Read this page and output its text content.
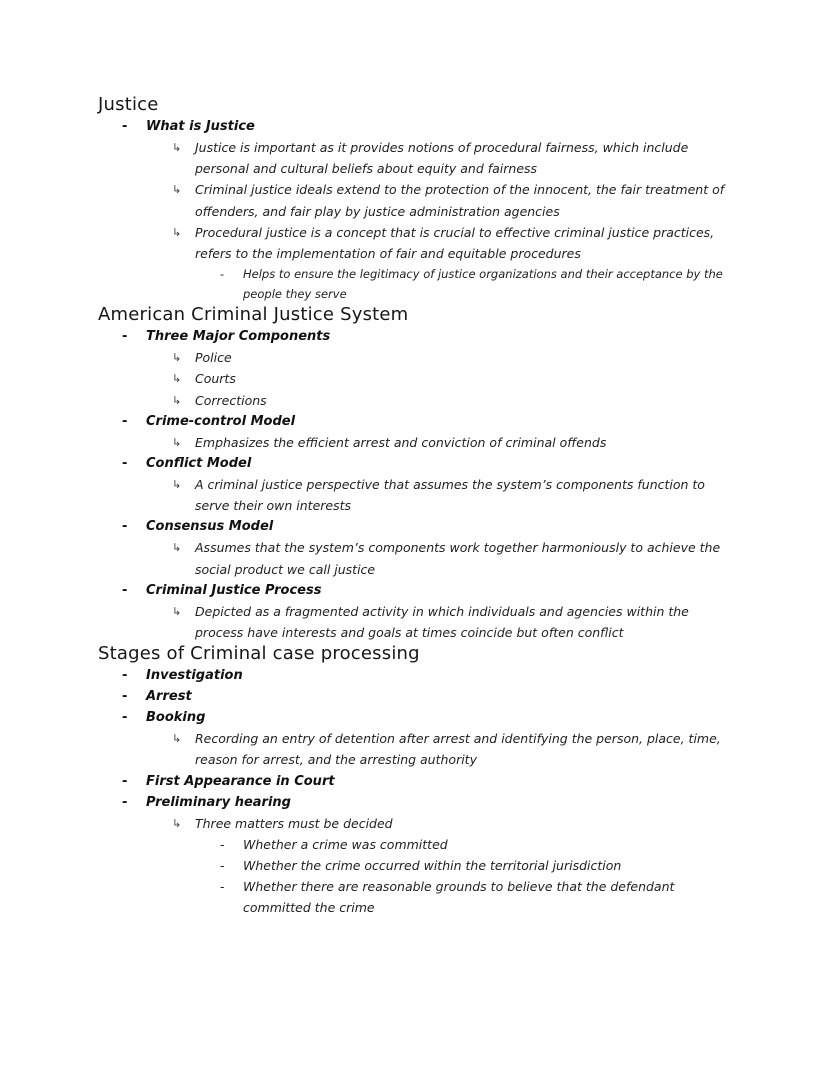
Justice
- What is Justice
↳ Justice is important as it provides notions of procedural fairness, which include personal and cultural beliefs about equity and fairness
↳ Criminal justice ideals extend to the protection of the innocent, the fair treatment of offenders, and fair play by justice administration agencies
↳ Procedural justice is a concept that is crucial to effective criminal justice practices, refers to the implementation of fair and equitable procedures
- Helps to ensure the legitimacy of justice organizations and their acceptance by the people they serve
American Criminal Justice System
- Three Major Components
↳ Police
↳ Courts
↳ Corrections
- Crime-control Model
↳ Emphasizes the efficient arrest and conviction of criminal offends
- Conflict Model
↳ A criminal justice perspective that assumes the system’s components function to serve their own interests
- Consensus Model
↳ Assumes that the system’s components work together harmoniously to achieve the social product we call justice
- Criminal Justice Process
↳ Depicted as a fragmented activity in which individuals and agencies within the process have interests and goals at times coincide but often conflict
Stages of Criminal case processing
- Investigation
- Arrest
- Booking
↳ Recording an entry of detention after arrest and identifying the person, place, time, reason for arrest, and the arresting authority
- First Appearance in Court
- Preliminary hearing
↳ Three matters must be decided
- Whether a crime was committed
- Whether the crime occurred within the territorial jurisdiction
- Whether there are reasonable grounds to believe that the defendant committed the crime
